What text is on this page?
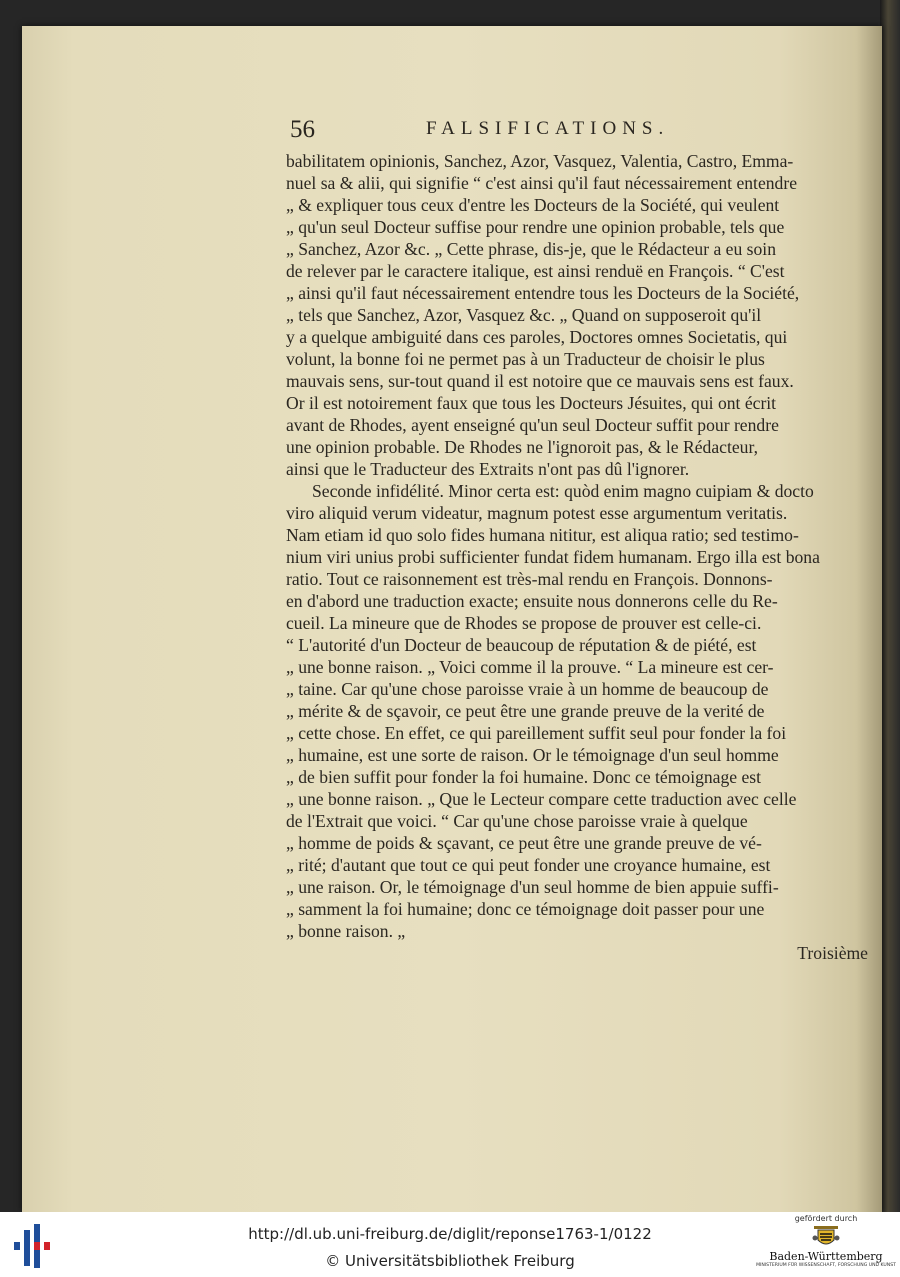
56	FALSIFICATIONS.
babilitatem opinionis, Sanchez, Azor, Vasquez, Valentia, Castro, Emma-
nuel sa & alii, qui signifie “ c'est ainsi qu'il faut nécessairement entendre
„ & expliquer tous ceux d'entre les Docteurs de la Société, qui veulent
„ qu'un seul Docteur suffise pour rendre une opinion probable, tels que
„ Sanchez, Azor &c. „ Cette phrase, dis-je, que le Rédacteur a eu soin
de relever par le caractere italique, est ainsi renduë en François. “ C'est
„ ainsi qu'il faut nécessairement entendre tous les Docteurs de la Société,
„ tels que Sanchez, Azor, Vasquez &c. „ Quand on supposeroit qu'il
y a quelque ambiguité dans ces paroles, Doctores omnes Societatis, qui
volunt, la bonne foi ne permet pas à un Traducteur de choisir le plus
mauvais sens, sur-tout quand il est notoire que ce mauvais sens est faux.
Or il est notoirement faux que tous les Docteurs Jésuites, qui ont écrit
avant de Rhodes, ayent enseigné qu'un seul Docteur suffit pour rendre
une opinion probable. De Rhodes ne l'ignoroit pas, & le Rédacteur,
ainsi que le Traducteur des Extraits n'ont pas dû l'ignorer.
Seconde infidélité. Minor certa est: quòd enim magno cuipiam & docto
viro aliquid verum videatur, magnum potest esse argumentum veritatis.
Nam etiam id quo solo fides humana nititur, est aliqua ratio; sed testimo-
nium viri unius probi sufficienter fundat fidem humanam. Ergo illa est bona
ratio. Tout ce raisonnement est très-mal rendu en François. Donnons-
en d'abord une traduction exacte; ensuite nous donnerons celle du Re-
cueil. La mineure que de Rhodes se propose de prouver est celle-ci.
“ L'autorité d'un Docteur de beaucoup de réputation & de piété, est
„ une bonne raison. „ Voici comme il la prouve. “ La mineure est cer-
„ taine. Car qu'une chose paroisse vraie à un homme de beaucoup de
„ mérite & de sçavoir, ce peut être une grande preuve de la verité de
„ cette chose. En effet, ce qui pareillement suffit seul pour fonder la foi
„ humaine, est une sorte de raison. Or le témoignage d'un seul homme
„ de bien suffit pour fonder la foi humaine. Donc ce témoignage est
„ une bonne raison. „ Que le Lecteur compare cette traduction avec celle
de l'Extrait que voici. “ Car qu'une chose paroisse vraie à quelque
„ homme de poids & sçavant, ce peut être une grande preuve de vé-
„ rité; d'autant que tout ce qui peut fonder une croyance humaine, est
„ une raison. Or, le témoignage d'un seul homme de bien appuie suffi-
„ samment la foi humaine; donc ce témoignage doit passer pour une
„ bonne raison. „
Troisième
http://dl.ub.uni-freiburg.de/diglit/reponse1763-1/0122
© Universitätsbibliothek Freiburg
gefördert durch
Baden-Württemberg
MINISTERIUM FÜR WISSENSCHAFT, FORSCHUNG UND KUNST
